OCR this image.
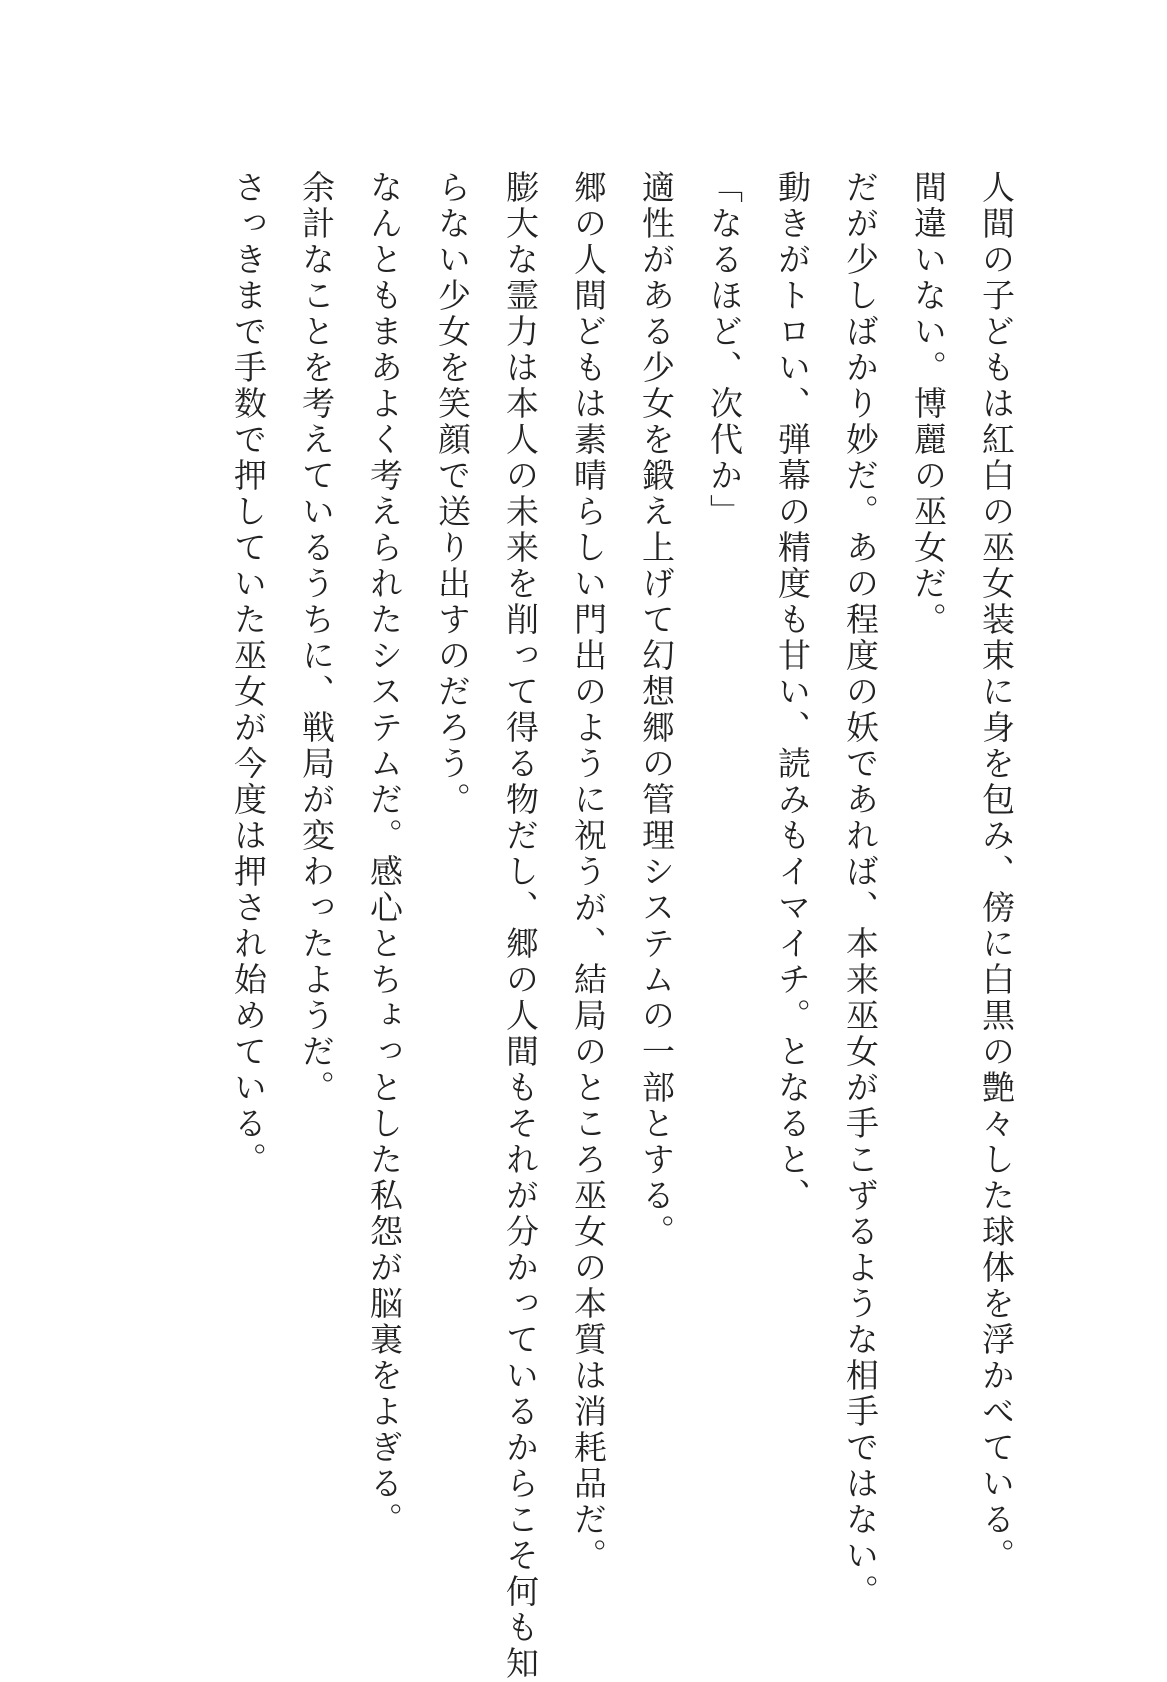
人間の子どもは紅白の巫女装束に身を包み、傍に白黒の艶々した球体を浮かべている。

間違いない。博麗の巫女だ。

だが少しばかり妙だ。あの程度の妖であれば、本来巫女が手こずるような相手ではない。

動きがトロい、弾幕の精度も甘い、読みもイマイチ。となると、

「なるほど、次代か」

適性がある少女を鍛え上げて幻想郷の管理システムの一部とする。

郷の人間どもは素晴らしい門出のように祝うが、結局のところ巫女の本質は消耗品だ。

膨大な霊力は本人の未来を削って得る物だし、郷の人間もそれが分かっているからこそ何も知

らない少女を笑顔で送り出すのだろう。

なんともまあよく考えられたシステムだ。感心とちょっとした私怨が脳裏をよぎる。

余計なことを考えているうちに、戦局が変わったようだ。

さっきまで手数で押していた巫女が今度は押され始めている。
